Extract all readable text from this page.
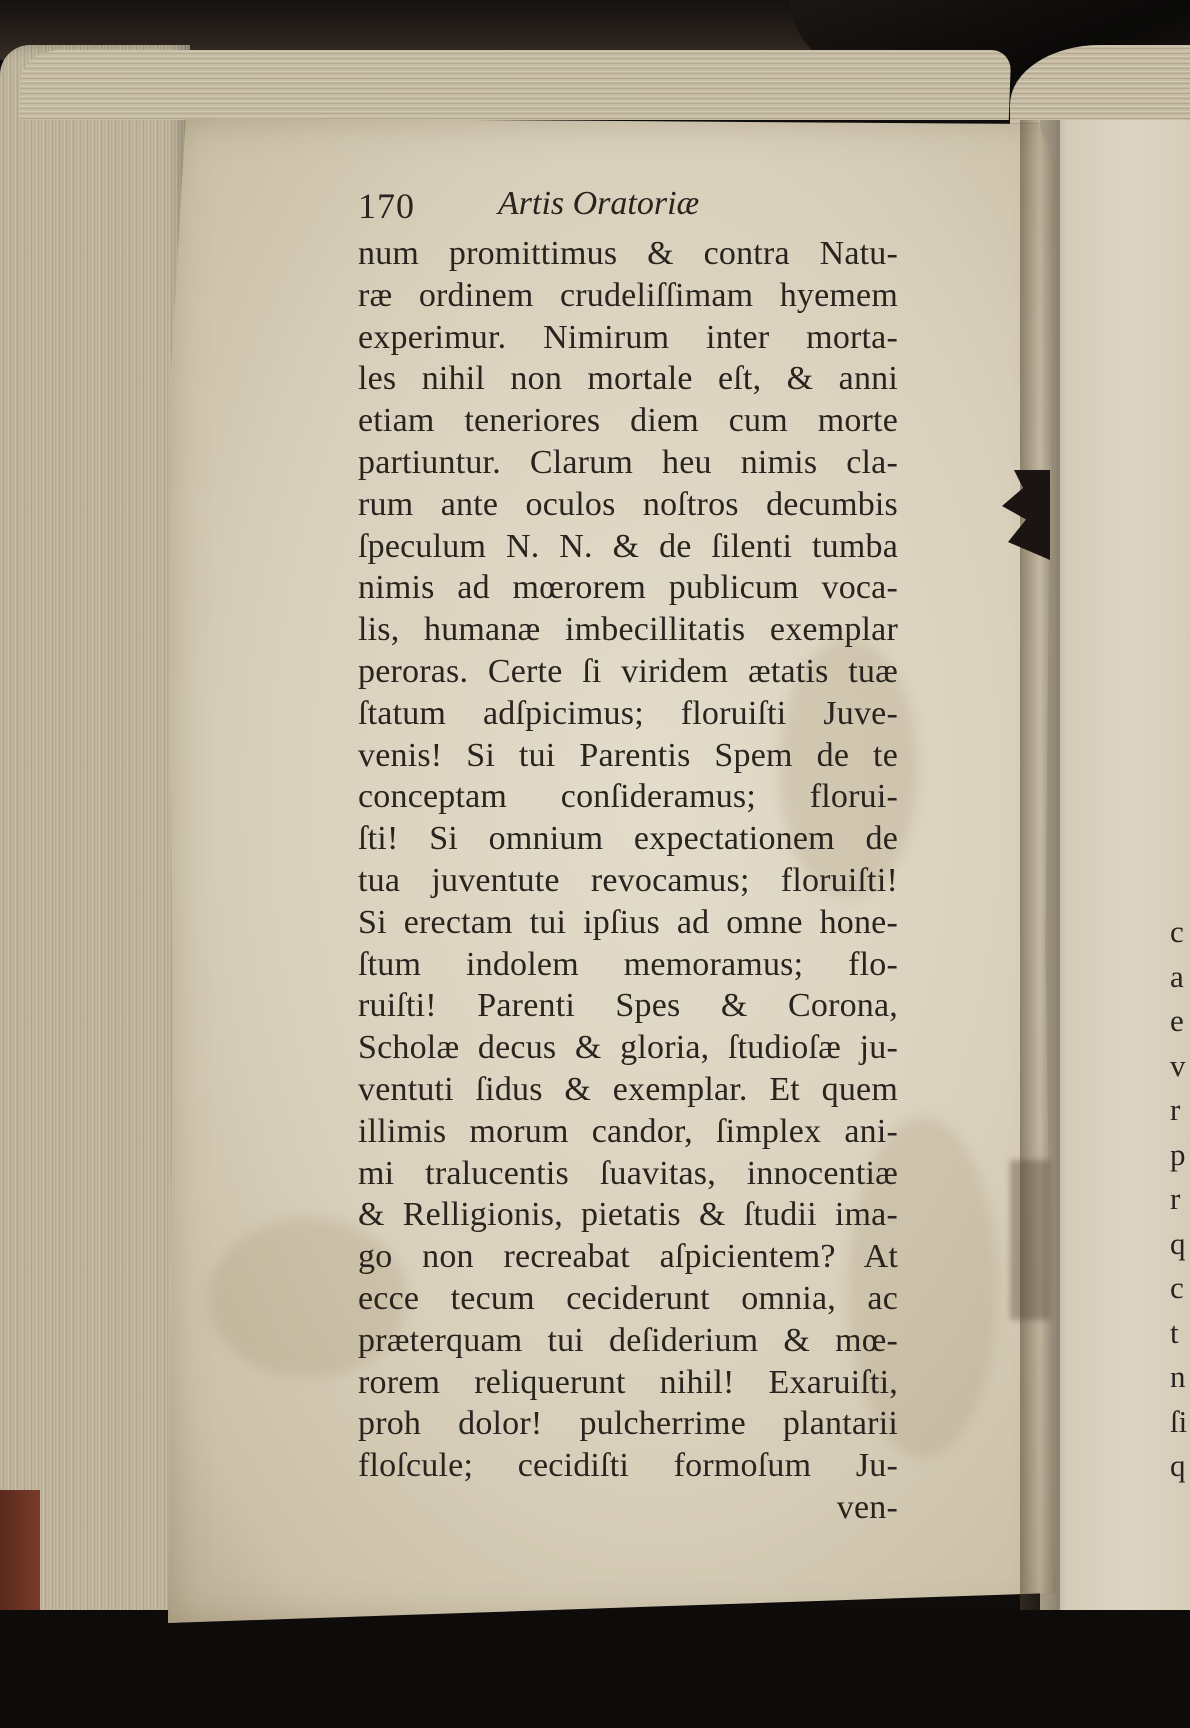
c
a
e
v
r
p
r
q
c
t
n
ſi
q
170 Artis Oratoriæ
num promittimus & contra Natu-
ræ ordinem crudeliſſimam hyemem
experimur. Nimirum inter morta-
les nihil non mortale eſt, & anni
etiam teneriores diem cum morte
partiuntur. Clarum heu nimis cla-
rum ante oculos noſtros decumbis
ſpeculum N. N. & de ſilenti tumba
nimis ad mœrorem publicum voca-
lis, humanæ imbecillitatis exemplar
peroras. Certe ſi viridem ætatis tuæ
ſtatum adſpicimus; floruiſti Juve-
venis! Si tui Parentis Spem de te
conceptam conſideramus; florui-
ſti! Si omnium expectationem de
tua juventute revocamus; floruiſti!
Si erectam tui ipſius ad omne hone-
ſtum indolem memoramus; flo-
ruiſti! Parenti Spes & Corona,
Scholæ decus & gloria, ſtudioſæ ju-
ventuti ſidus & exemplar. Et quem
illimis morum candor, ſimplex ani-
mi tralucentis ſuavitas, innocentiæ
& Relligionis, pietatis & ſtudii ima-
go non recreabat aſpicientem? At
ecce tecum ceciderunt omnia, ac
præterquam tui deſiderium & mœ-
rorem reliquerunt nihil! Exaruiſti,
proh dolor! pulcherrime plantarii
floſcule; cecidiſti formoſum Ju-
ven-
